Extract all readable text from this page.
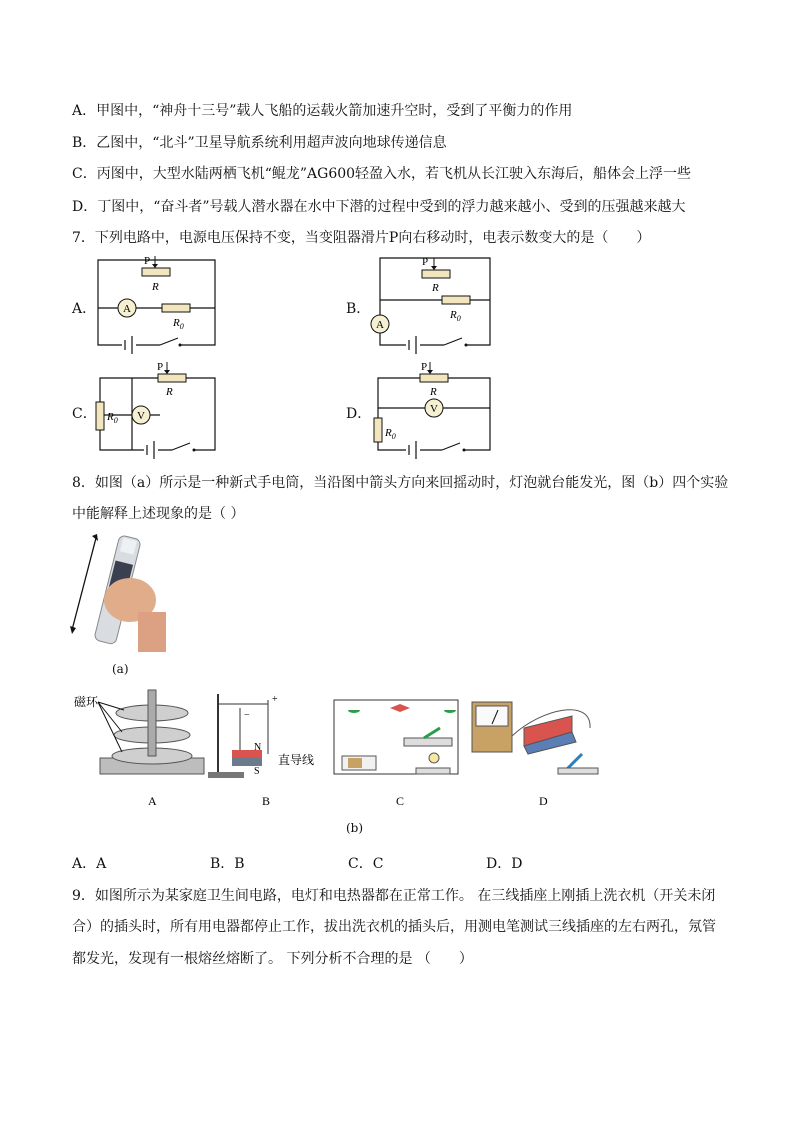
A．甲图中，“神舟十三号”载人飞船的运载火箭加速升空时，受到了平衡力的作用
B．乙图中，“北斗”卫星导航系统利用超声波向地球传递信息
C．丙图中，大型水陆两栖飞机“鲲龙”AG600轻盈入水，若飞机从长江驶入东海后，船体会上浮一些
D．丁图中，“奋斗者”号载人潜水器在水中下潜的过程中受到的浮力越来越小、受到的压强越来越大
7．下列电路中，电源电压保持不变，当变阻器滑片P向右移动时，电表示数变大的是（　　）
P
R
$R_0$
A
P
R
$R_0$
A
P
R
$R_0$ V
P
R
V
$R_0$
A．	B．
C．	D．
8．如图（a）所示是一种新式手电筒，当沿图中箭头方向来回摇动时，灯泡就台能发光，图（b）四个实验
中能解释上述现象的是（ ）
(a)
磁环
A
+
−
N
S
直导线
B	C	D
(b)
A．A	B．B	C．C	D．D
9．如图所示为某家庭卫生间电路，电灯和电热器都在正常工作。 在三线插座上刚插上洗衣机（开关未闭
合）的插头时，所有用电器都停止工作，拔出洗衣机的插头后，用测电笔测试三线插座的左右两孔，氖管
都发光，发现有一根熔丝熔断了。 下列分析不合理的是 （　　）
